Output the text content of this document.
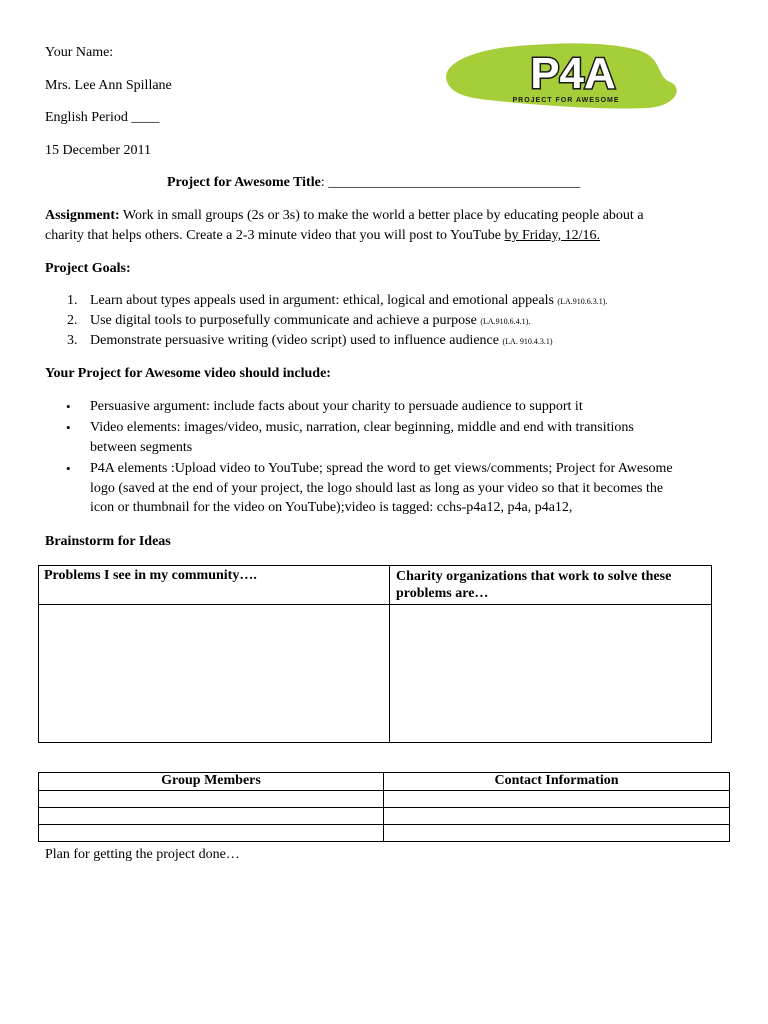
Your Name:
Mrs. Lee Ann Spillane
English Period ____
15 December 2011
P4A
PROJECT FOR AWESOME
Project for Awesome Title: ____________________________________
Assignment: Work in small groups (2s or 3s) to make the world a better place by educating people about a
charity that helps others. Create a 2-3 minute video that you will post to YouTube by Friday, 12/16.
Project Goals:
1. Learn about types appeals used in argument: ethical, logical and emotional appeals (LA.910.6.3.1).
2. Use digital tools to purposefully communicate and achieve a purpose (LA.910.6.4.1).
3. Demonstrate persuasive writing (video script) used to influence audience (LA. 910.4.3.1)
Your Project for Awesome video should include:
• Persuasive argument: include facts about your charity to persuade audience to support it
• Video elements: images/video, music, narration, clear beginning, middle and end with transitions
between segments
• P4A elements :Upload video to YouTube; spread the word to get views/comments; Project for Awesome
logo (saved at the end of your project, the logo should last as long as your video so that it becomes the
icon or thumbnail for the video on YouTube);video is tagged: cchs-p4a12, p4a, p4a12,
Brainstorm for Ideas
Problems I see in my community….	Charity organizations that work to solve these
problems are…

Group Members	Contact Information

Plan for getting the project done…
